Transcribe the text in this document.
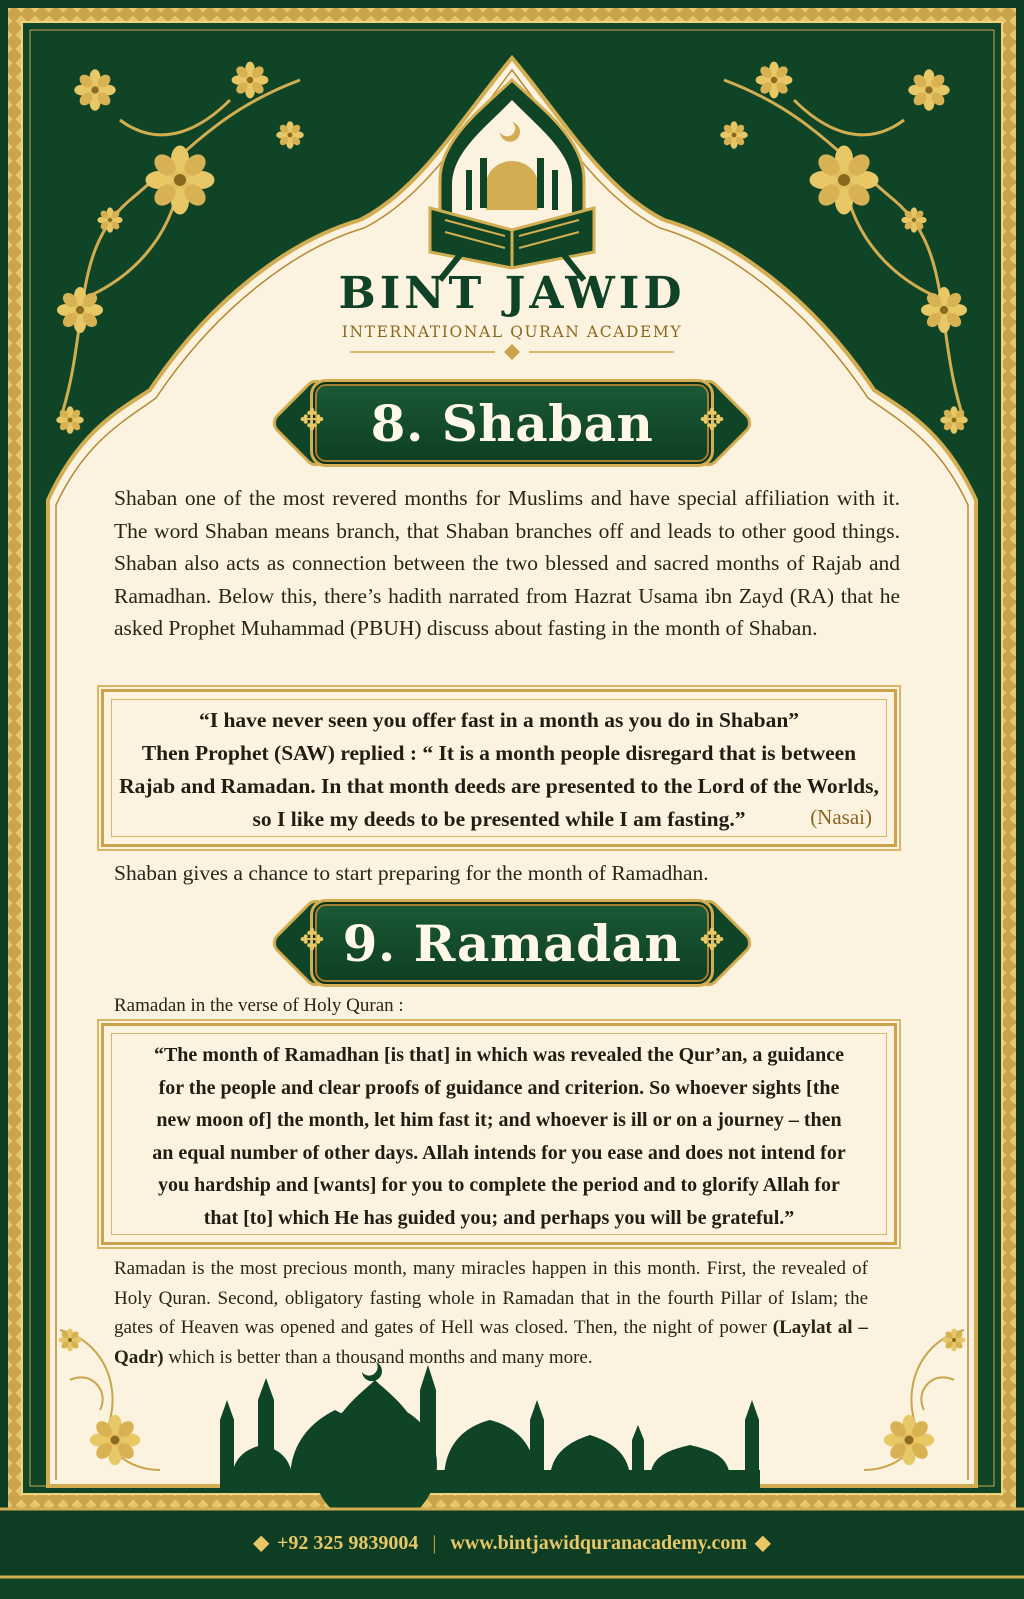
BINT JAWID
INTERNATIONAL QURAN ACADEMY
✥	✥
8. Shaban

Shaban one of the most revered months for Muslims and have special affiliation with it. The word Shaban means branch, that Shaban branches off and leads to other good things. Shaban also acts as connection between the two blessed and sacred months of Rajab and Ramadhan. Below this, there’s hadith narrated from Hazrat Usama ibn Zayd (RA) that he asked Prophet Muhammad (PBUH) discuss about fasting in the month of Shaban.

“I have never seen you offer fast in a month as you do in Shaban”

Then Prophet (SAW) replied : “ It is a month people disregard that is between

Rajab and Ramadan. In that month deeds are presented to the Lord of the Worlds,

so I like my deeds to be presented while I am fasting.”	(Nasai)

Shaban gives a chance to start preparing for the month of Ramadhan.

✥	✥
9. Ramadan

Ramadan in the verse of Holy Quran :

“The month of Ramadhan [is that] in which was revealed the Qur’an, a guidance

for the people and clear proofs of guidance and criterion. So whoever sights [the

new moon of] the month, let him fast it; and whoever is ill or on a journey – then

an equal number of other days. Allah intends for you ease and does not intend for

you hardship and [wants] for you to complete the period and to glorify Allah for

that [to] which He has guided you; and perhaps you will be grateful.”

Ramadan is the most precious month, many miracles happen in this month. First, the revealed of Holy Quran. Second, obligatory fasting whole in Ramadan that in the fourth Pillar of Islam; the gates of Heaven was opened and gates of Hell was closed. Then, the night of power (Laylat al – Qadr) which is better than a thousand months and many more.

◆ +92 325 9839004 | www.bintjawidquranacademy.com ◆
